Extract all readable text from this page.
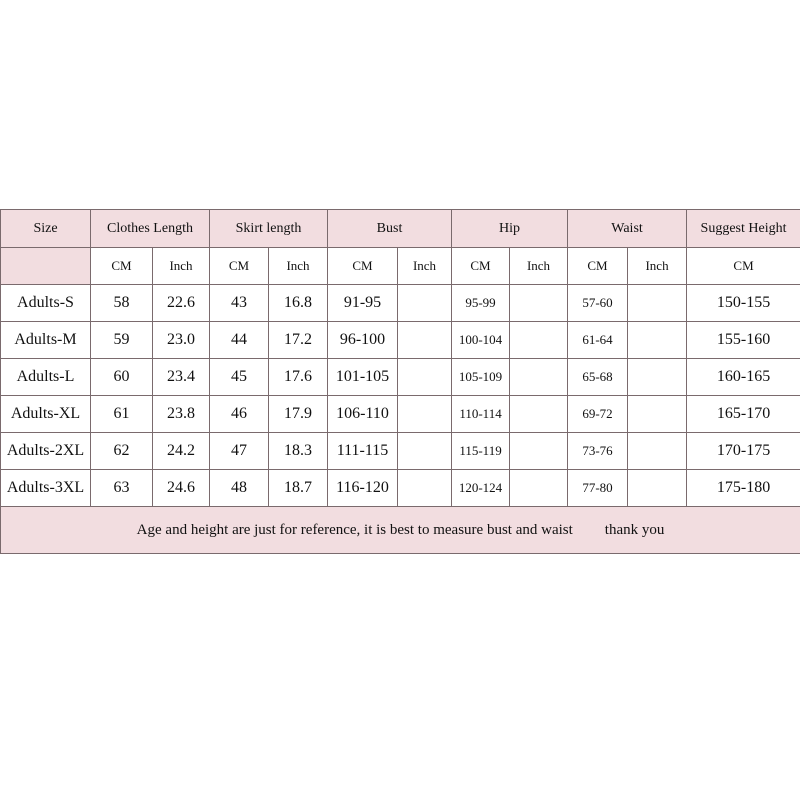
Size	Clothes Length		Skirt length		Bust		Hip		Waist		Suggest Height
	CM	Inch	CM	Inch	CM	Inch	CM	Inch	CM	Inch	CM
Adults-S	58	22.6	43	16.8	91-95		95-99		57-60		150-155
Adults-M	59	23.0	44	17.2	96-100		100-104		61-64		155-160
Adults-L	60	23.4	45	17.6	101-105		105-109		65-68		160-165
Adults-XL	61	23.8	46	17.9	106-110		110-114		69-72		165-170
Adults-2XL	62	24.2	47	18.3	111-115		115-119		73-76		170-175
Adults-3XL	63	24.6	48	18.7	116-120		120-124		77-80		175-180
Age and height are just for reference, it is best to measure bust and waist thank you											
